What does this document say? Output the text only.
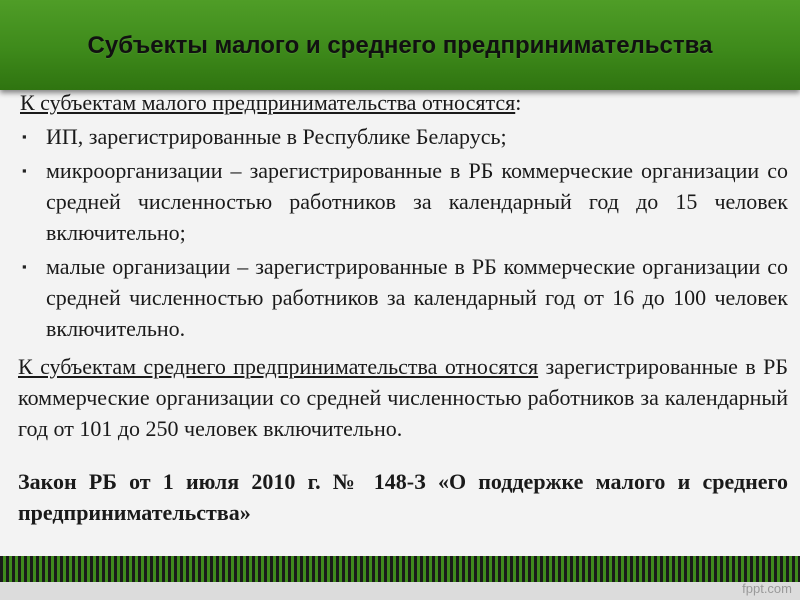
Субъекты малого и среднего предпринимательства

К субъектам малого предпринимательства относятся:

▪ ИП, зарегистрированные в Республике Беларусь;
▪ микроорганизации – зарегистрированные в РБ коммерческие организации со средней численностью работников за календарный год до 15 человек включительно;
▪ малые организации – зарегистрированные в РБ коммерческие организации со средней численностью работников за календарный год от 16 до 100 человек включительно.

К субъектам среднего предпринимательства относятся зарегистрированные в РБ коммерческие организации со средней численностью работников за календарный год от 101 до 250 человек включительно.

Закон РБ от 1 июля 2010 г. № 148-З «О поддержке малого и среднего предпринимательства»

fppt.com
